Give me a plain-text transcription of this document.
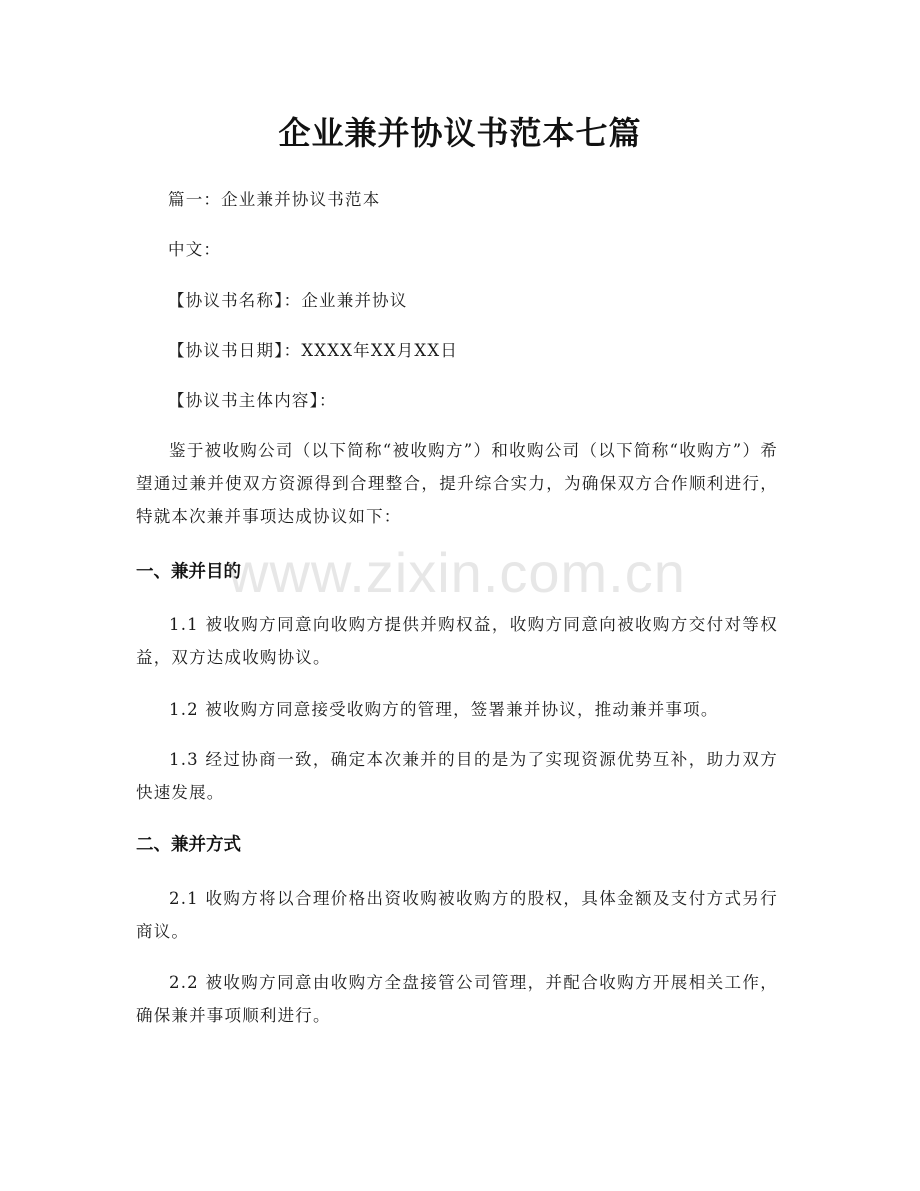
企业兼并协议书范本七篇

篇一：企业兼并协议书范本

中文：

【协议书名称】：企业兼并协议

【协议书日期】：XXXX年XX月XX日

【协议书主体内容】：

鉴于被收购公司（以下简称“被收购方”）和收购公司（以下简称“收购方”）希望通过兼并使双方资源得到合理整合，提升综合实力，为确保双方合作顺利进行，特就本次兼并事项达成协议如下：

一、兼并目的

1.1 被收购方同意向收购方提供并购权益，收购方同意向被收购方交付对等权益，双方达成收购协议。

1.2 被收购方同意接受收购方的管理，签署兼并协议，推动兼并事项。

1.3 经过协商一致，确定本次兼并的目的是为了实现资源优势互补，助力双方快速发展。

二、兼并方式

2.1 收购方将以合理价格出资收购被收购方的股权，具体金额及支付方式另行商议。

2.2 被收购方同意由收购方全盘接管公司管理，并配合收购方开展相关工作，确保兼并事项顺利进行。

www.zixin.com.cn
